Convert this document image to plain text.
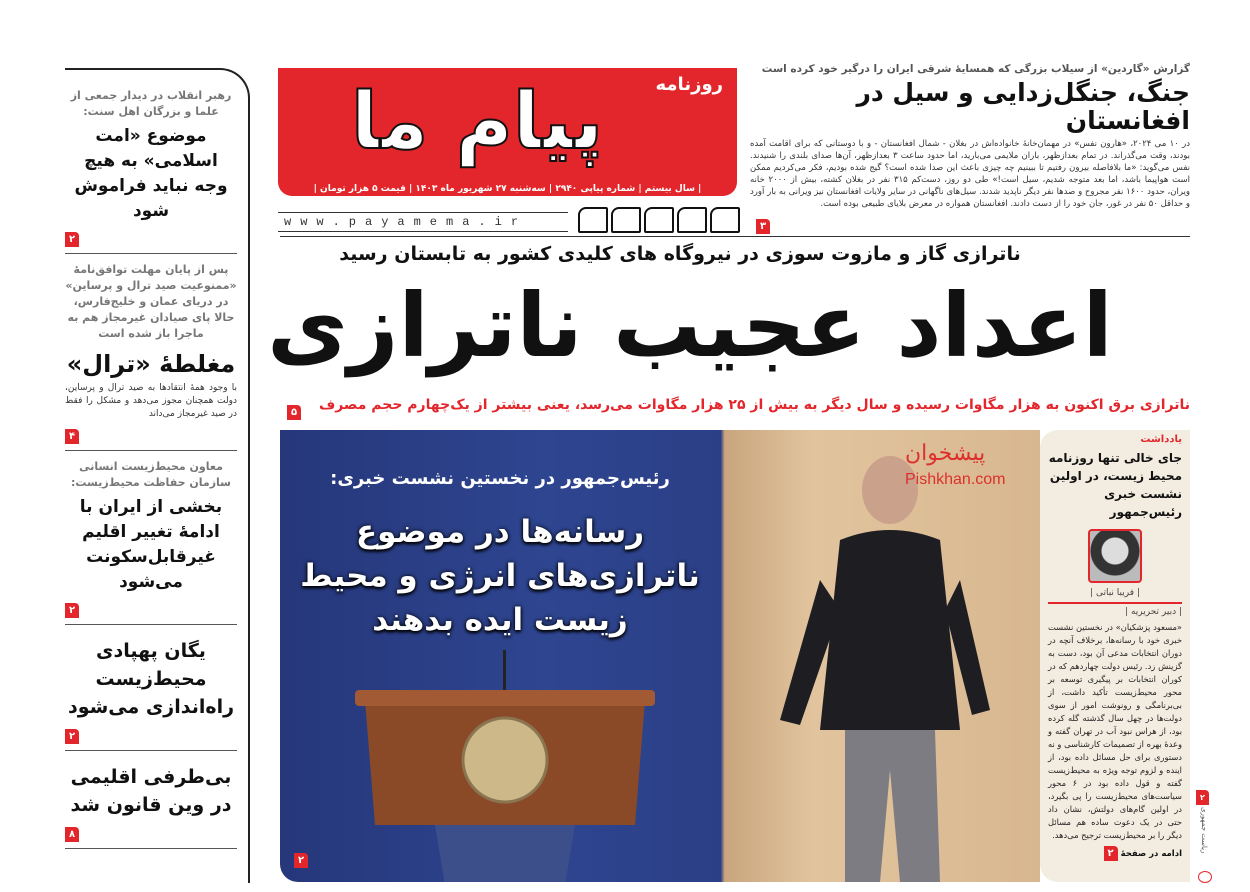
رهبر انقلاب در دیدار جمعی از علما و بزرگان اهل سنت:
موضوع «امت اسلامی» به هیچ وجه نباید فراموش شود
۲
پس از پایان مهلت توافق‌نامهٔ «ممنوعیت صید ترال و پرساین» در دریای عمان و خلیج‌فارس، حالا پای صیادان غیرمجاز هم به ماجرا باز شده است
مغلطهٔ «ترال»
با وجود همهٔ انتقادها به صید ترال و پرساین، دولت همچنان مجوز می‌دهد و مشکل را فقط در صید غیرمجاز می‌داند
۴
معاون محیط‌زیست انسانی سازمان حفاظت محیط‌زیست:
بخشی از ایران با ادامهٔ تغییر اقلیم غیرقابل‌سکونت می‌شود
۲
یگان پهپادی محیط‌زیست راه‌اندازی می‌شود
۲
بی‌طرفی اقلیمی در وین قانون شد
۸
پیام ما	روزنامه
| سال بیستم | شماره پیاپی ۲۹۴۰ | سه‌شنبه ۲۷ شهریور ماه ۱۴۰۳ | قیمت ۵ هزار تومان |
www.payamema.ir
گزارش «گاردین» از سیلاب بزرگی که همسایهٔ شرقی ایران را درگیر خود کرده است
جنگ، جنگل‌زدایی و سیل در افغانستان

در ۱۰ می ۲۰۲۴، «هارون نفس» در مهمان‌خانهٔ خانواده‌اش در بغلان - شمال افغانستان - و با دوستانی که برای اقامت آمده بودند، وقت می‌گذراند. در تمام بعدازظهر، باران ملایمی می‌بارید، اما حدود ساعت ۳ بعدازظهر، آن‌ها صدای بلندی را شنیدند. نفس می‌گوید: «ما بلافاصله بیرون رفتیم تا ببینیم چه چیزی باعث این صدا شده است؟ گیج شده بودیم، فکر می‌کردیم ممکن است هواپیما باشد، اما بعد متوجه شدیم، سیل است!» طی دو روز، دست‌کم ۳۱۵ نفر در بغلان کشته، بیش از ۲۰۰۰ خانه ویران، حدود ۱۶۰۰ نفر مجروح و صدها نفر دیگر ناپدید شدند. سیل‌های ناگهانی در سایر ولایات افغانستان نیز ویرانی به بار آورد و حداقل ۵۰ نفر در غور، جان خود را از دست دادند. افغانستان همواره در معرض بلایای طبیعی بوده است.

۳
ناترازی گاز و مازوت سوزی در نیروگاه های کلیدی کشور به تابستان رسید
اعداد عجیب ناترازی
ناترازی برق اکنون به هزار مگاوات رسیده و سال دیگر به بیش از ۲۵ هزار مگاوات می‌رسد، یعنی بیشتر از یک‌چهارم حجم مصرف
۵
رئیس‌جمهور در نخستین نشست خبری:
رسانه‌ها در موضوع ناترازی‌های انرژی و محیط زیست ایده بدهند
۲
پیشخوان
Pishkhan.com
یادداشت
جای خالی تنها روزنامه محیط زیست، در اولین نشست خبری رئیس‌جمهور
| فریبا نباتی |
| دبیر تحریریه |

«مسعود پزشکیان» در نخستین نشست خبری خود با رسانه‌ها، برخلاف آنچه در دوران انتخابات مدعی آن بود، دست به گزینش زد. رئیس دولت چهاردهم که در کوران انتخابات بر پیگیری توسعه بر محور محیط‌زیست تأکید داشت، از بی‌برنامگی و رونوشت امور از سوی دولت‌ها در چهل سال گذشته گله کرده بود، از هراس نبود آب در تهران گفته و وعدهٔ بهره از تصمیمات کارشناسی و نه دستوری برای حل مسائل داده بود، از اینده و لزوم توجه ویژه به محیط‌زیست گفته و قول داده بود در ۶ محور سیاست‌های محیط‌زیست را پی بگیرد، در اولین گام‌های دولتش، نشان داد حتی در یک دعوت ساده هم مسائل دیگر را بر محیط‌زیست ترجیح می‌دهد.

ادامه در صفحهٔ ۲
۲
ریاست جمهوری
